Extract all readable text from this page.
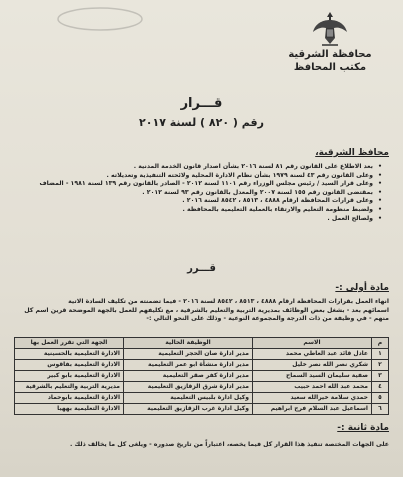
محافظة الشرقية
مكتب المحافظ
قـــرار
رقم ( ٨٢٠ ) لسنة ٢٠١٧
محافظ الشرقية،
• بعد الاطلاع على القانون رقم ٨١ لسنة ٢٠١٦ بشأن اصدار قانون الخدمة المدنية .
• وعلى القانون رقم ٤٣ لسنة ١٩٧٩ بشأن نظام الادارة المحلية ولائحته التنفيذية وتعديلاته .
• وعلى قرار السيد / رئيس مجلس الوزراء رقم ١١٠١ لسنة ٢٠١٢ - الصادر بالقانون رقم ١٣٩ لسنة ١٩٨١ - المضاف
• بمقتضى القانون رقم ١٥٥ لسنة ٢٠٠٧ والمعدل بالقانون رقم ٩٣ لسنة ٢٠١٢ .
• وعلى قرارات المحافظة ارقام ٤٨٨٨ ، ٨٥١٣ ، ٨٥٤٢ لسنة ٢٠١٦ .
• ولضبط منظومة التعليم والارتقاء بالعملية التعليمية بالمحافظة .
• ولصالح العمل .
قـــرر
مادة أولى :-
انهاء العمل بقرارات المحافظة ارقام ٤٨٨٨ ، ٨٥١٣ ، ٨٥٤٢ لسنة ٢٠١٦ - فيما تضمنته من تكليف السادة الاتية
اسمائهم بعد - بشغل بعض الوظائف بمديرية التربية والتعليم بالشرقية ، مع تكليفهم للعمل بالجهة الموضحة قرين اسم كل
منهم - في وظيفة من ذات الدرجة والمجموعة النوعية - وذلك على النحو التالي :-
م	الاسم	الوظيفة الحالية	الجهة التي تقرر العمل بها
١	عادل قائد عبد العاطي محمد	مدير ادارة صان الحجر التعليمية	الادارة التعليمية بالحسينية
٢	شكري نصر الله نصر خليل	مدير ادارة منشأة ابو عمر التعليمية	الادارة التعليمية بفاقوس
٣	صفية سليمان السيد السماح	مدير ادارة كفر صقر التعليمية	الادارة التعليمية بابو كبير
٤	محمد عبد الله احمد حبيب	مدير ادارة شرق الزقازيق التعليمية	مديرية التربية والتعليم بالشرقية
٥	حمدي سلامة خيرالله سعيد	وكيل ادارة بلبيس التعليمية	الادارة التعليمية بابوحماد
٦	اسماعيل عبد السلام فرج ابراهيم	وكيل ادارة غرب الزقازيق التعليمية	الادارة التعليمية بههيا
مادة ثانية :-
على الجهات المختصة تنفيذ هذا القرار كل فيما يخصه، اعتباراً من تاريخ صدوره - ويلغى كل ما يخالف ذلك .
